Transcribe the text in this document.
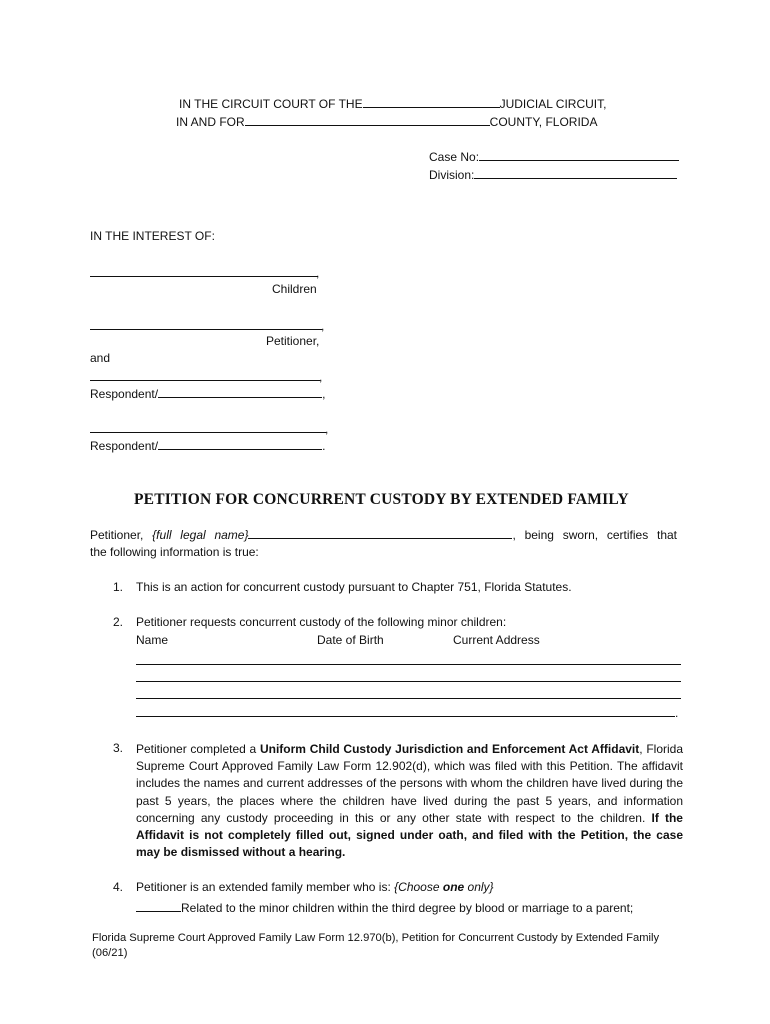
IN THE CIRCUIT COURT OF THE	JUDICIAL CIRCUIT,
IN AND FOR	COUNTY, FLORIDA
Case No:
Division:
IN THE INTEREST OF:
,
Children
,
Petitioner,
and
,
Respondent/	,
,
Respondent/	.
PETITION FOR CONCURRENT CUSTODY BY EXTENDED FAMILY
Petitioner, {full legal name}	, being sworn, certifies that
the following information is true:
1. This is an action for concurrent custody pursuant to Chapter 751, Florida Statutes.
2. Petitioner requests concurrent custody of the following minor children:
Name	Date of Birth	Current Address
.
3. Petitioner completed a Uniform Child Custody Jurisdiction and Enforcement Act Affidavit, Florida Supreme Court Approved Family Law Form 12.902(d), which was filed with this Petition. The affidavit includes the names and current addresses of the persons with whom the children have lived during the past 5 years, the places where the children have lived during the past 5 years, and information concerning any custody proceeding in this or any other state with respect to the children. If the Affidavit is not completely filled out, signed under oath, and filed with the Petition, the case may be dismissed without a hearing.
4. Petitioner is an extended family member who is: {Choose one only}
Related to the minor children within the third degree by blood or marriage to a parent;
Florida Supreme Court Approved Family Law Form 12.970(b), Petition for Concurrent Custody by Extended Family
(06/21)
